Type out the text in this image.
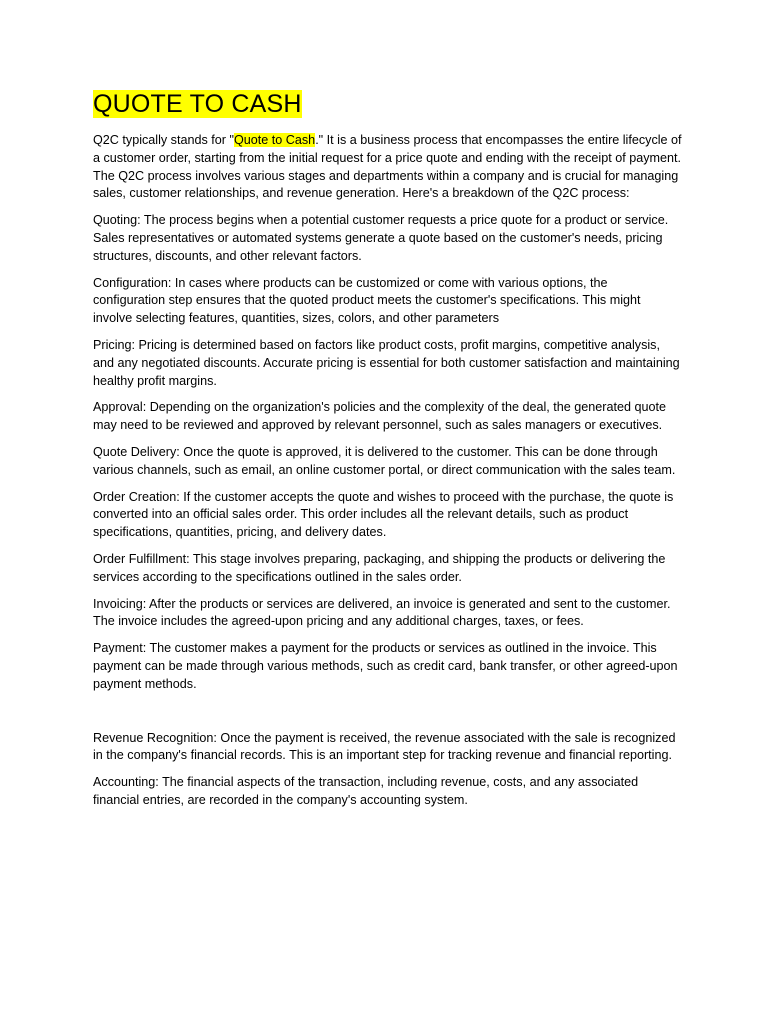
QUOTE TO CASH

Q2C typically stands for "Quote to Cash." It is a business process that encompasses the entire lifecycle of a customer order, starting from the initial request for a price quote and ending with the receipt of payment. The Q2C process involves various stages and departments within a company and is crucial for managing sales, customer relationships, and revenue generation. Here's a breakdown of the Q2C process:

Quoting: The process begins when a potential customer requests a price quote for a product or service. Sales representatives or automated systems generate a quote based on the customer's needs, pricing structures, discounts, and other relevant factors.

Configuration: In cases where products can be customized or come with various options, the configuration step ensures that the quoted product meets the customer's specifications. This might involve selecting features, quantities, sizes, colors, and other parameters

Pricing: Pricing is determined based on factors like product costs, profit margins, competitive analysis, and any negotiated discounts. Accurate pricing is essential for both customer satisfaction and maintaining healthy profit margins.

Approval: Depending on the organization's policies and the complexity of the deal, the generated quote may need to be reviewed and approved by relevant personnel, such as sales managers or executives.

Quote Delivery: Once the quote is approved, it is delivered to the customer. This can be done through various channels, such as email, an online customer portal, or direct communication with the sales team.

Order Creation: If the customer accepts the quote and wishes to proceed with the purchase, the quote is converted into an official sales order. This order includes all the relevant details, such as product specifications, quantities, pricing, and delivery dates.

Order Fulfillment: This stage involves preparing, packaging, and shipping the products or delivering the services according to the specifications outlined in the sales order.

Invoicing: After the products or services are delivered, an invoice is generated and sent to the customer. The invoice includes the agreed-upon pricing and any additional charges, taxes, or fees.

Payment: The customer makes a payment for the products or services as outlined in the invoice. This payment can be made through various methods, such as credit card, bank transfer, or other agreed-upon payment methods.

Revenue Recognition: Once the payment is received, the revenue associated with the sale is recognized in the company's financial records. This is an important step for tracking revenue and financial reporting.

Accounting: The financial aspects of the transaction, including revenue, costs, and any associated financial entries, are recorded in the company's accounting system.
